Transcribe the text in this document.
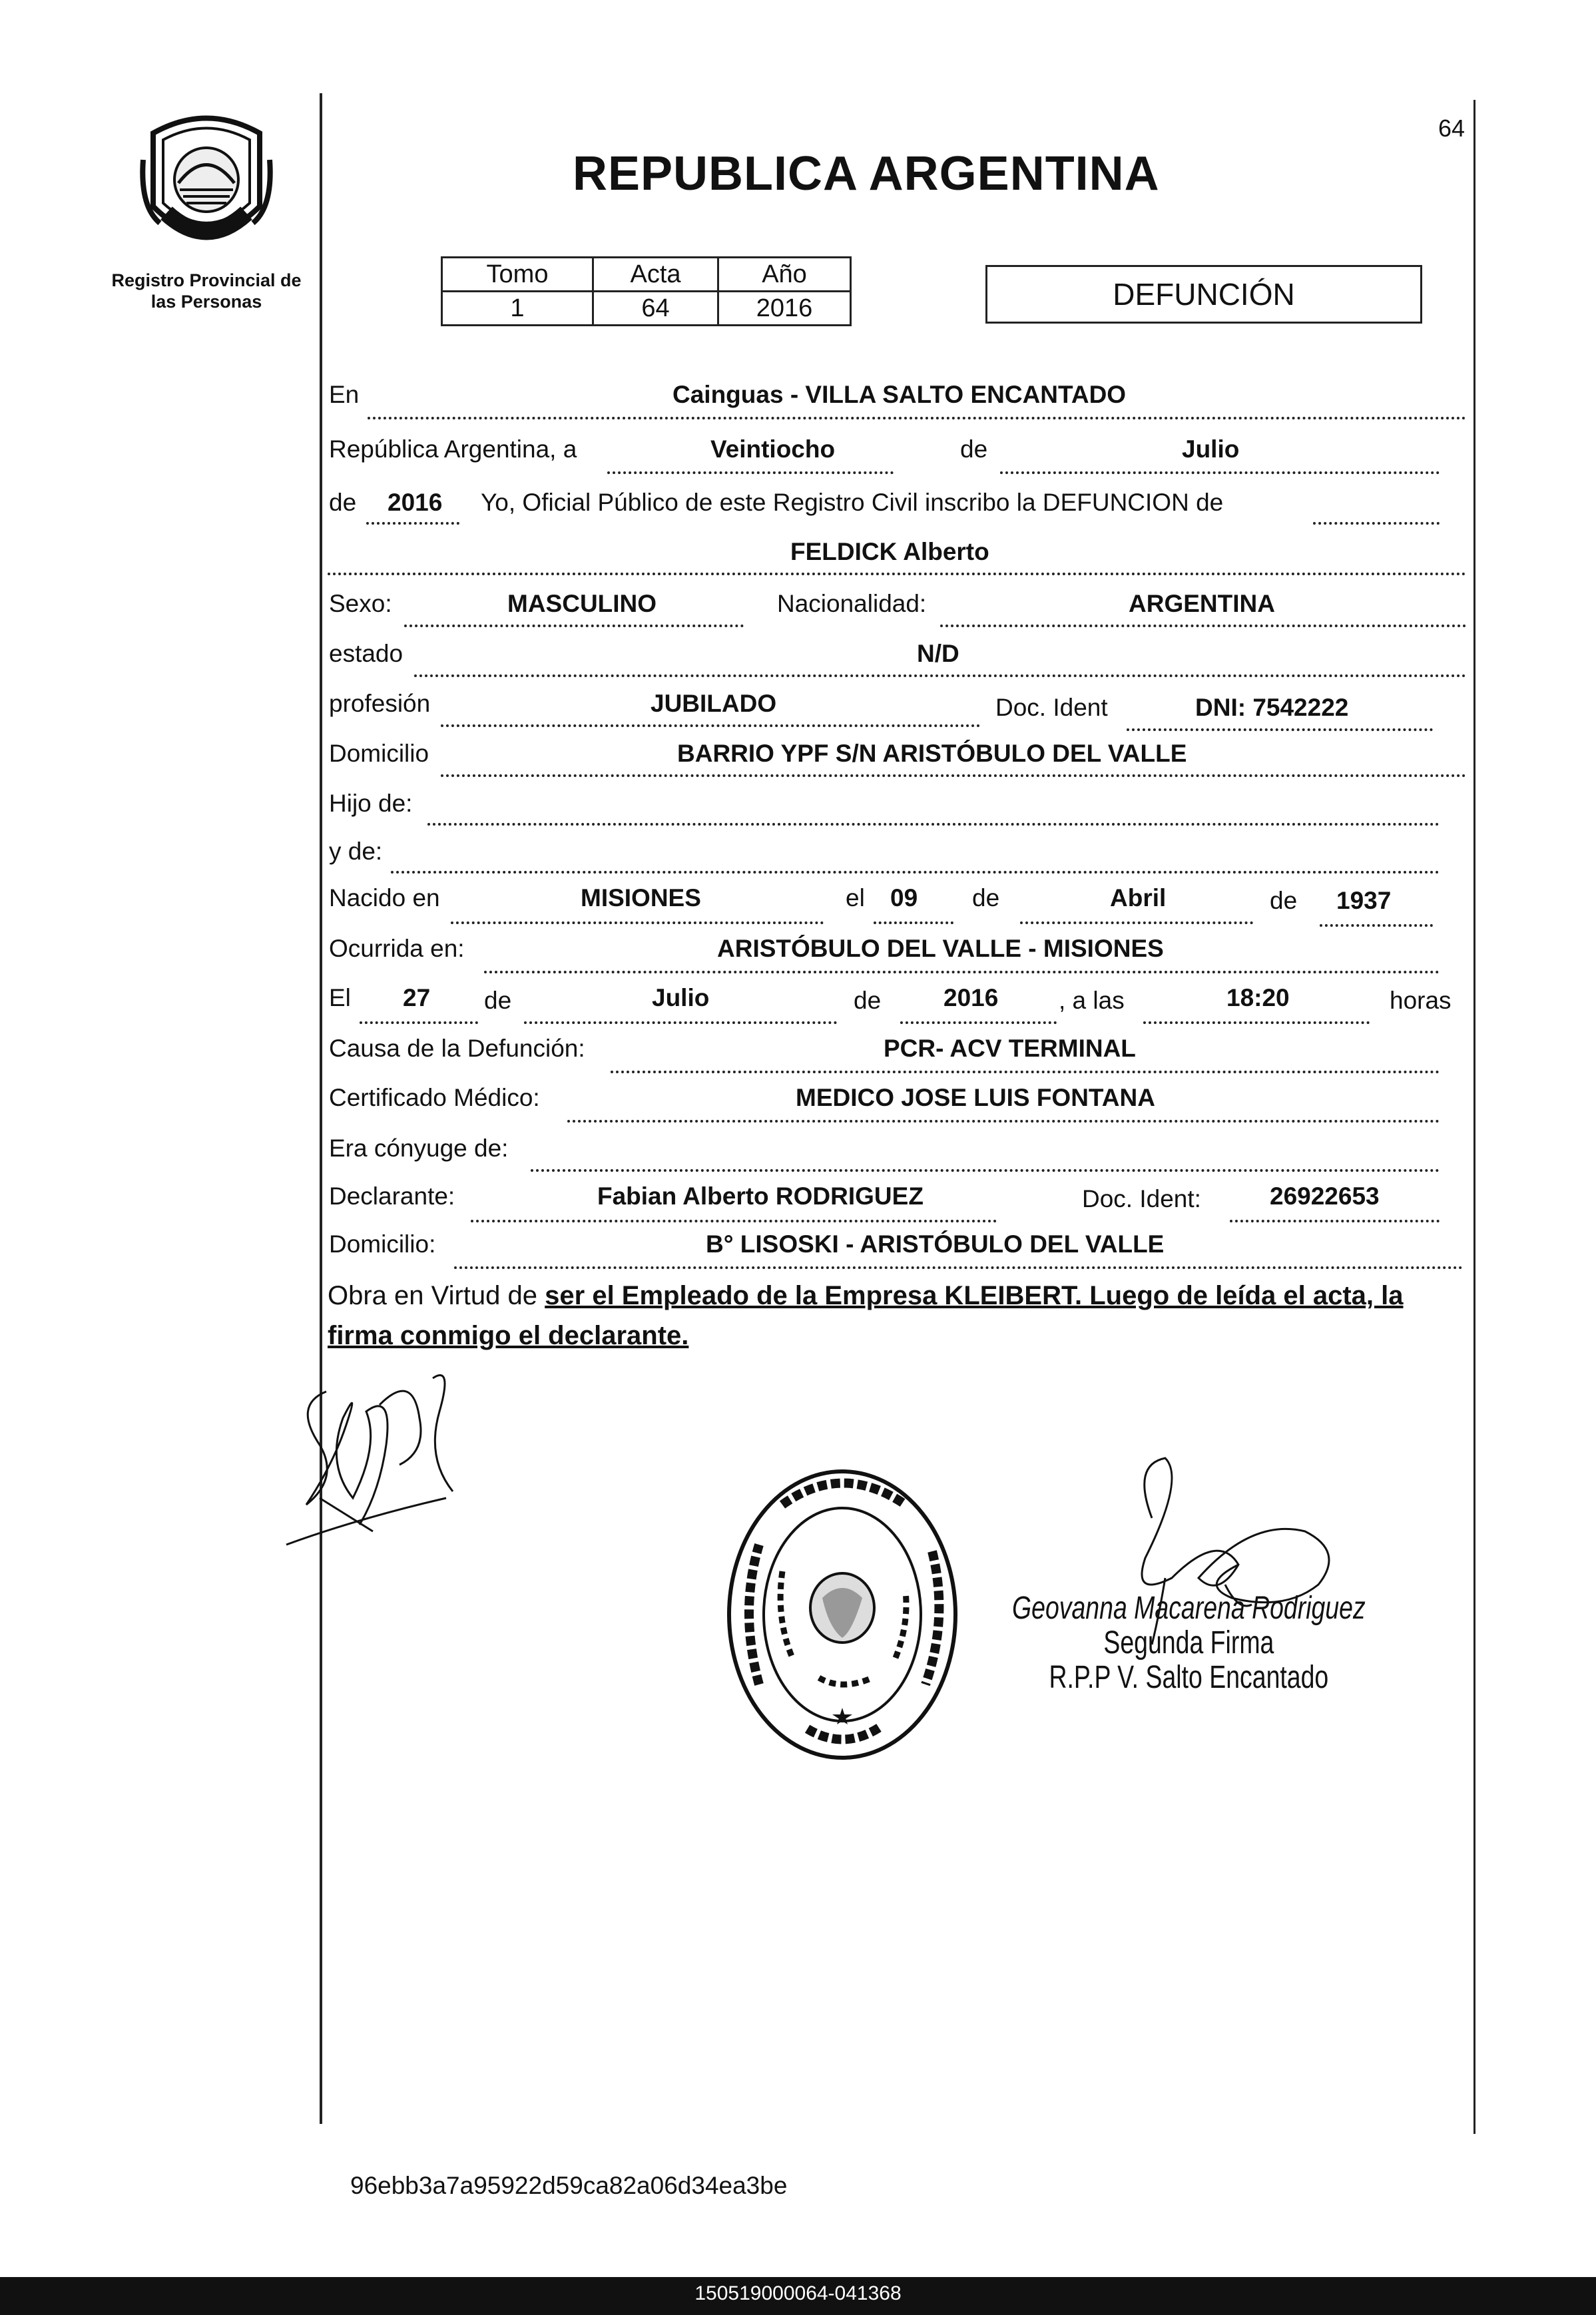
Registro Provincial de las Personas
64
REPUBLICA ARGENTINA
Tomo	Acta	Año
1	64	2016	DEFUNCIÓN
En	Cainguas - VILLA SALTO ENCANTADO
República Argentina, a	Veintiocho	de	Julio
de 2016 Yo, Oficial Público de este Registro Civil inscribo la DEFUNCION de
FELDICK Alberto
Sexo:	MASCULINO	Nacionalidad:	ARGENTINA
estado	N/D
profesión	JUBILADO	Doc. Ident	DNI: 7542222
Domicilio	BARRIO YPF S/N ARISTÓBULO DEL VALLE
Hijo de:
y de:
Nacido en	MISIONES	el 09 de	Abril	de 1937
Ocurrida en:	ARISTÓBULO DEL VALLE - MISIONES
El 27 de	Julio	de	2016 , a las	18:20	horas
Causa de la Defunción:	PCR- ACV TERMINAL
Certificado Médico:	MEDICO JOSE LUIS FONTANA
Era cónyuge de:
Declarante:	Fabian Alberto RODRIGUEZ	Doc. Ident:	26922653
Domicilio:	B° LISOSKI - ARISTÓBULO DEL VALLE
Obra en Virtud de ser el Empleado de la Empresa KLEIBERT. Luego de leída el acta, la firma conmigo el declarante.
Geovanna Macarena Rodriguez
Segunda Firma
R.P.P V. Salto Encantado
96ebb3a7a95922d59ca82a06d34ea3be
150519000064-041368
